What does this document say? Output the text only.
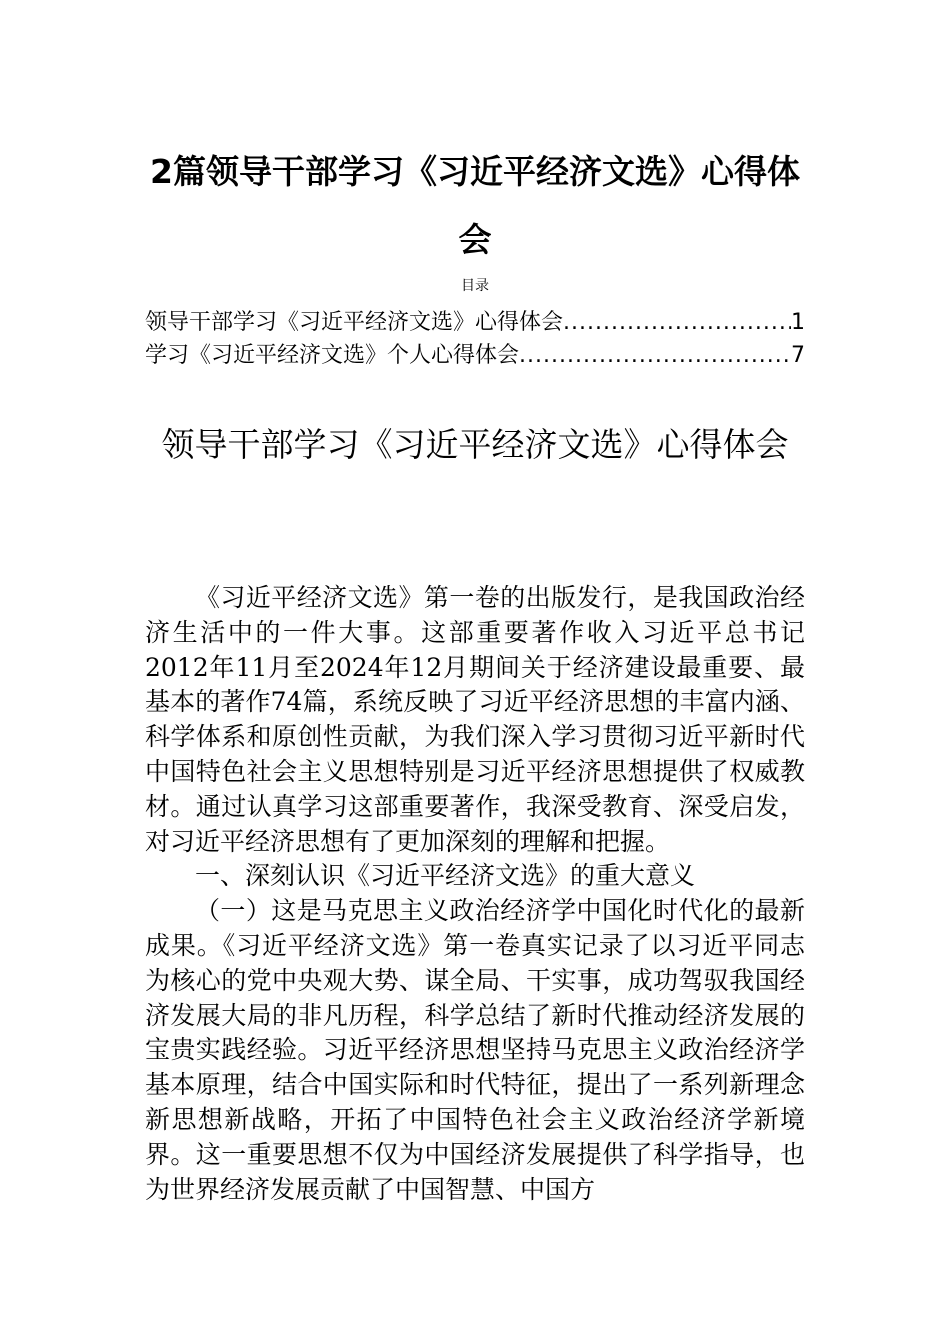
2篇领导干部学习《习近平经济文选》心得体会
目录
领导干部学习《习近平经济文选》心得体会 .....	1
学习《习近平经济文选》个人心得体会 .....	7
领导干部学习《习近平经济文选》心得体会

《习近平经济文选》第一卷的出版发行，是我国政治经济生活中的一件大事。这部重要著作收入习近平总书记2012年11月至2024年12月期间关于经济建设最重要、最基本的著作74篇，系统反映了习近平经济思想的丰富内涵、科学体系和原创性贡献，为我们深入学习贯彻习近平新时代中国特色社会主义思想特别是习近平经济思想提供了权威教材。通过认真学习这部重要著作，我深受教育、深受启发，对习近平经济思想有了更加深刻的理解和把握。

一、深刻认识《习近平经济文选》的重大意义

（一）这是马克思主义政治经济学中国化时代化的最新成果。《习近平经济文选》第一卷真实记录了以习近平同志为核心的党中央观大势、谋全局、干实事，成功驾驭我国经济发展大局的非凡历程，科学总结了新时代推动经济发展的宝贵实践经验。习近平经济思想坚持马克思主义政治经济学基本原理，结合中国实际和时代特征，提出了一系列新理念新思想新战略，开拓了中国特色社会主义政治经济学新境界。这一重要思想不仅为中国经济发展提供了科学指导，也为世界经济发展贡献了中国智慧、中国方
